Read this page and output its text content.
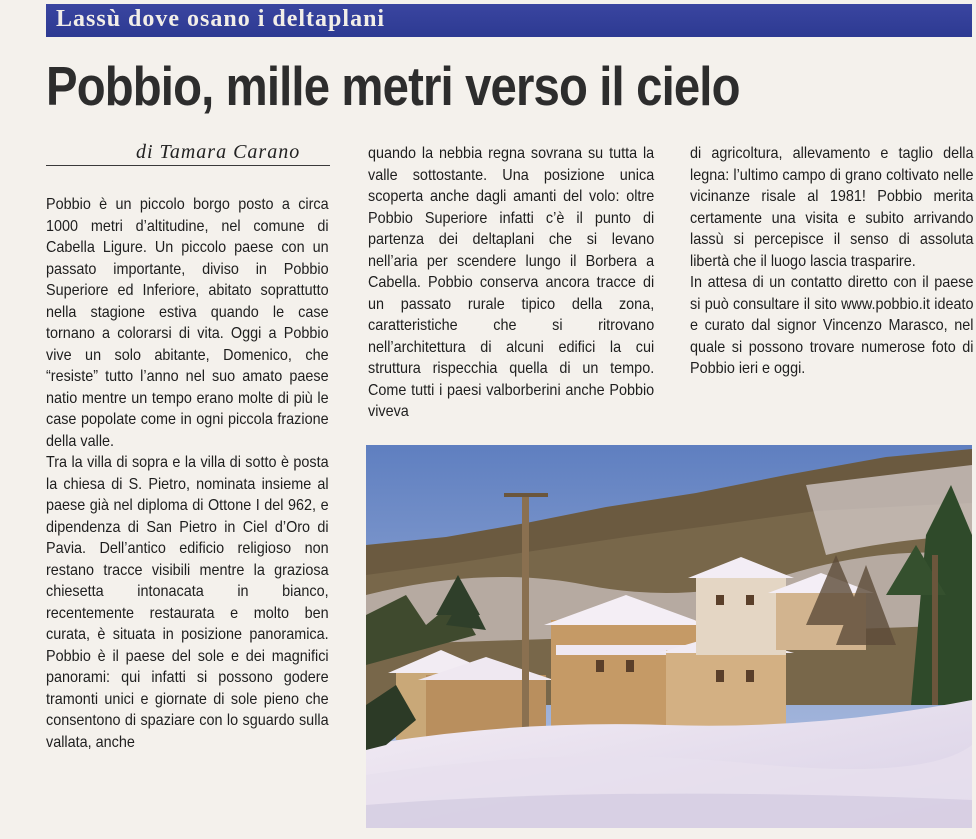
Lassù dove osano i deltaplani
Pobbio, mille metri verso il cielo
di Tamara Carano

Pobbio è un piccolo borgo posto a circa 1000 metri d’altitudine, nel comune di Cabella Ligure. Un piccolo paese con un passato importante, diviso in Pobbio Superiore ed Inferiore, abitato soprattutto nella stagione estiva quando le case tornano a colorarsi di vita. Oggi a Pobbio vive un solo abitante, Domenico, che “resiste” tutto l’anno nel suo amato paese natio mentre un tempo erano molte di più le case popolate come in ogni piccola frazione della valle.

Tra la villa di sopra e la villa di sotto è posta la chiesa di S. Pietro, nominata insieme al paese già nel diploma di Ottone I del 962, e dipendenza di San Pietro in Ciel d’Oro di Pavia. Dell’antico edificio religioso non restano tracce visibili mentre la graziosa chiesetta intonacata in bianco, recentemente restaurata e molto ben curata, è situata in posizione panoramica. Pobbio è il paese del sole e dei magnifici panorami: qui infatti si possono godere tramonti unici e giornate di sole pieno che consentono di spaziare con lo sguardo sulla vallata, anche

quando la nebbia regna sovrana su tutta la valle sottostante. Una posizione unica scoperta anche dagli amanti del volo: oltre Pobbio Superiore infatti c’è il punto di partenza dei deltaplani che si levano nell’aria per scendere lungo il Borbera a Cabella. Pobbio conserva ancora tracce di un passato rurale tipico della zona, caratteristiche che si ritrovano nell’architettura di alcuni edifici la cui struttura rispecchia quella di un tempo. Come tutti i paesi valborberini anche Pobbio viveva

di agricoltura, allevamento e taglio della legna: l’ultimo campo di grano coltivato nelle vicinanze risale al 1981! Pobbio merita certamente una visita e subito arrivando lassù si percepisce il senso di assoluta libertà che il luogo lascia trasparire.

In attesa di un contatto diretto con il paese si può consultare il sito www.pobbio.it ideato e curato dal signor Vincenzo Marasco, nel quale si possono trovare numerose foto di Pobbio ieri e oggi.
